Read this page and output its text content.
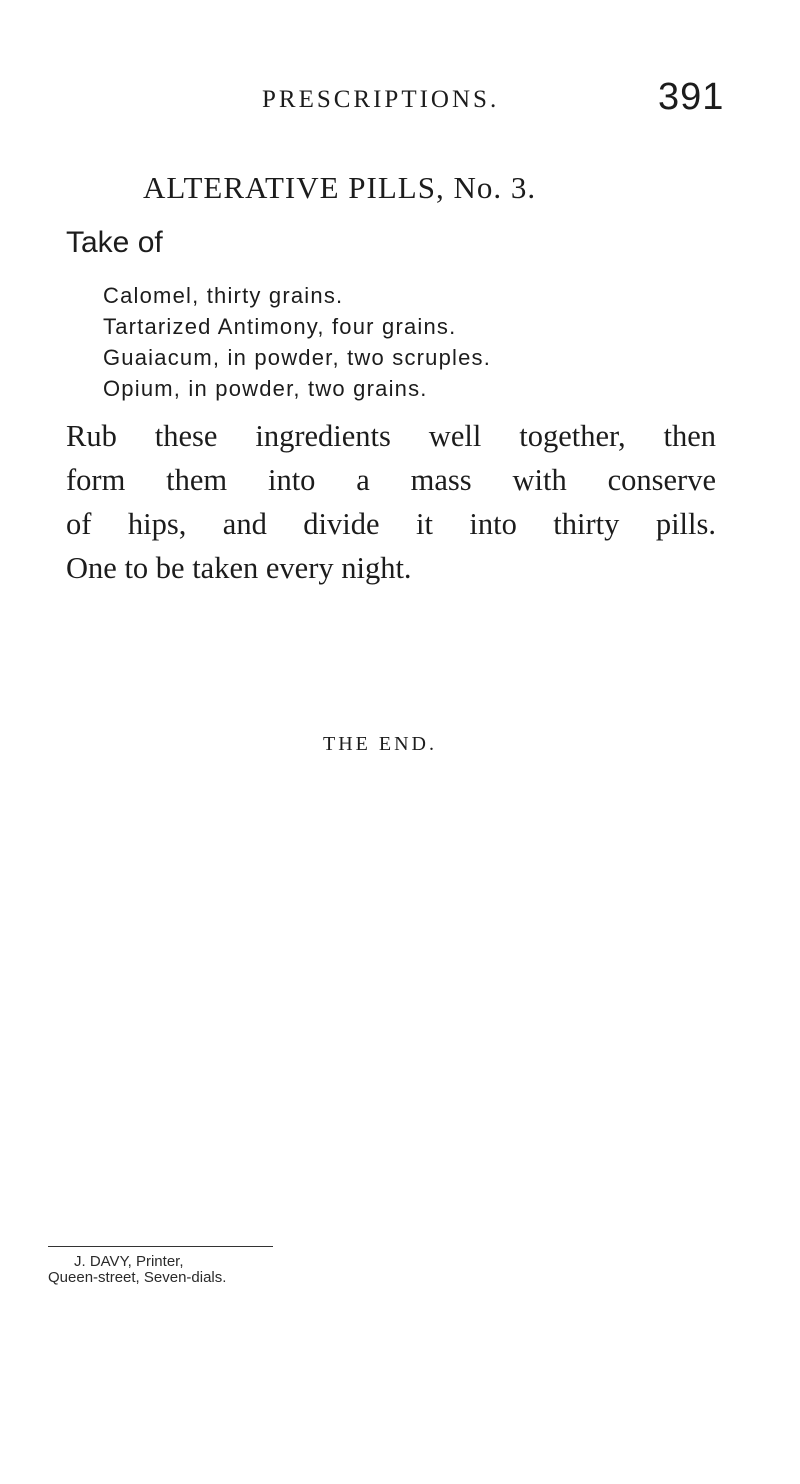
PRESCRIPTIONS.	391
ALTERATIVE PILLS, No. 3.
Take of
Calomel, thirty grains.
Tartarized Antimony, four grains.
Guaiacum, in powder, two scruples.
Opium, in powder, two grains.

Rub these ingredients well together, then
form them into a mass with conserve
of hips, and divide it into thirty pills.
One to be taken every night.

THE END.
J. DAVY, Printer,
Queen-street, Seven-dials.
